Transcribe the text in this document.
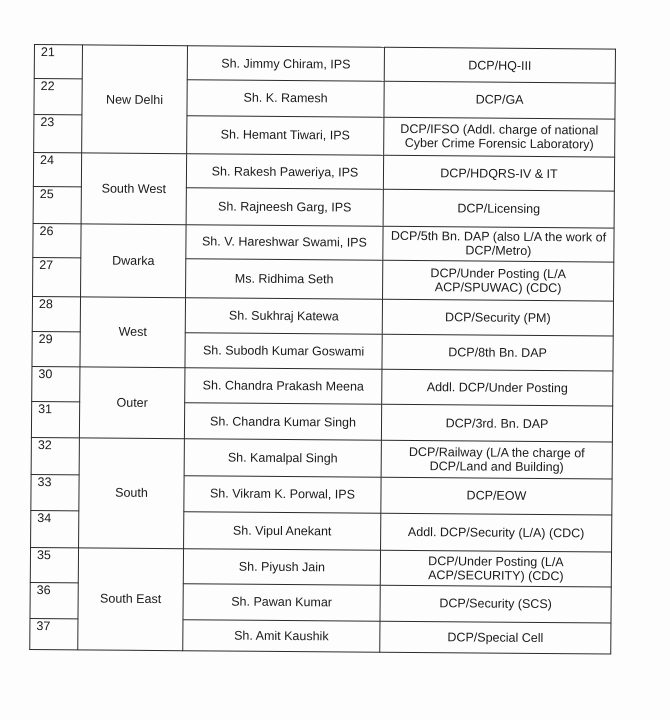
21	New Delhi	Sh. Jimmy Chiram, IPS	DCP/HQ-III
22		Sh. K. Ramesh	DCP/GA
23		Sh. Hemant Tiwari, IPS	DCP/IFSO (Addl. charge of national Cyber Crime Forensic Laboratory)
24	South West	Sh. Rakesh Paweriya, IPS	DCP/HDQRS-IV & IT
25		Sh. Rajneesh Garg, IPS	DCP/Licensing
26	Dwarka	Sh. V. Hareshwar Swami, IPS	DCP/5th Bn. DAP (also L/A the work of DCP/Metro)
27		Ms. Ridhima Seth	DCP/Under Posting (L/A ACP/SPUWAC) (CDC)
28	West	Sh. Sukhraj Katewa	DCP/Security (PM)
29		Sh. Subodh Kumar Goswami	DCP/8th Bn. DAP
30	Outer	Sh. Chandra Prakash Meena	Addl. DCP/Under Posting
31		Sh. Chandra Kumar Singh	DCP/3rd. Bn. DAP
32	South	Sh. Kamalpal Singh	DCP/Railway (L/A the charge of DCP/Land and Building)
33		Sh. Vikram K. Porwal, IPS	DCP/EOW
34		Sh. Vipul Anekant	Addl. DCP/Security (L/A) (CDC)
35	South East	Sh. Piyush Jain	DCP/Under Posting (L/A ACP/SECURITY) (CDC)
36		Sh. Pawan Kumar	DCP/Security (SCS)
37		Sh. Amit Kaushik	DCP/Special Cell
